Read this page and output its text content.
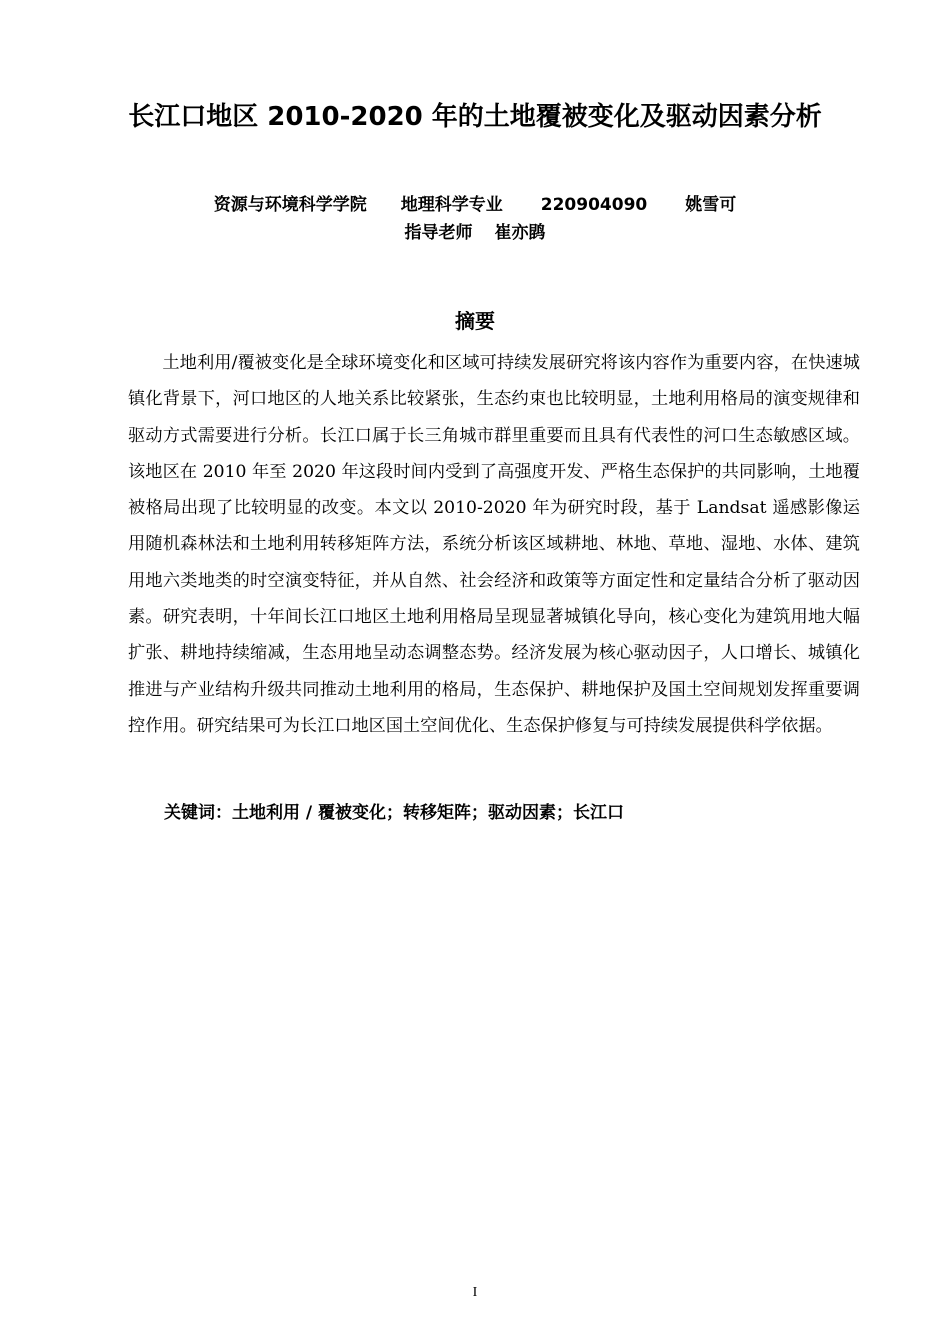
长江口地区 2010-2020 年的土地覆被变化及驱动因素分析
资源与环境科学学院 地理科学专业 220904090 姚雪可
指导老师 崔亦鹍
摘要

土地利用/覆被变化是全球环境变化和区域可持续发展研究将该内容作为重要内容，在快速城镇化背景下，河口地区的人地关系比较紧张，生态约束也比较明显，土地利用格局的演变规律和驱动方式需要进行分析。长江口属于长三角城市群里重要而且具有代表性的河口生态敏感区域。该地区在 2010 年至 2020 年这段时间内受到了高强度开发、严格生态保护的共同影响，土地覆被格局出现了比较明显的改变。本文以 2010-2020 年为研究时段，基于 Landsat 遥感影像运用随机森林法和土地利用转移矩阵方法，系统分析该区域耕地、林地、草地、湿地、水体、建筑用地六类地类的时空演变特征，并从自然、社会经济和政策等方面定性和定量结合分析了驱动因素。研究表明，十年间长江口地区土地利用格局呈现显著城镇化导向，核心变化为建筑用地大幅扩张、耕地持续缩减，生态用地呈动态调整态势。经济发展为核心驱动因子，人口增长、城镇化推进与产业结构升级共同推动土地利用的格局，生态保护、耕地保护及国土空间规划发挥重要调控作用。研究结果可为长江口地区国土空间优化、生态保护修复与可持续发展提供科学依据。

关键词：土地利用 / 覆被变化；转移矩阵；驱动因素；长江口
I
